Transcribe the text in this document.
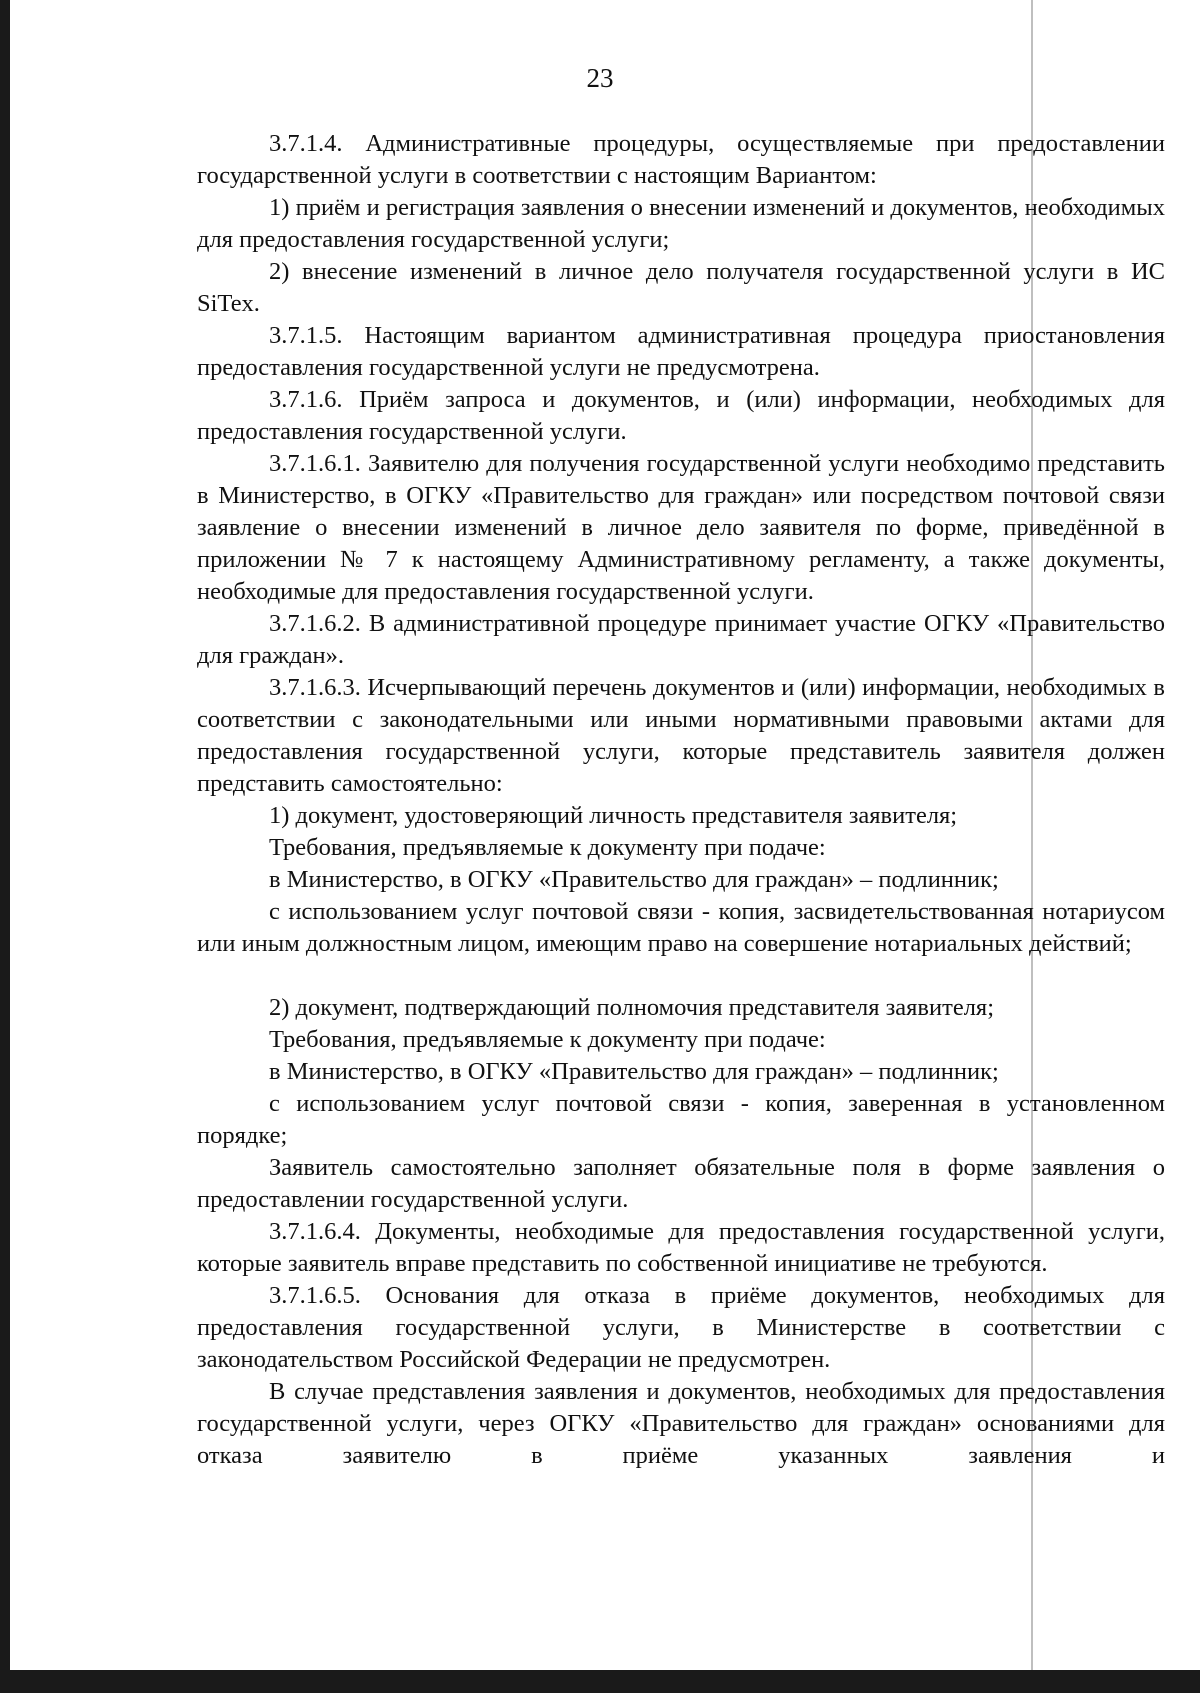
23

3.7.1.4. Административные процедуры, осуществляемые при предоставлении государственной услуги в соответствии с настоящим Вариантом:

1) приём и регистрация заявления о внесении изменений и документов, необходимых для предоставления государственной услуги;

2) внесение изменений в личное дело получателя государственной услуги в ИС SiTex.

3.7.1.5. Настоящим вариантом административная процедура приостановления предоставления государственной услуги не предусмотрена.

3.7.1.6. Приём запроса и документов, и (или) информации, необходимых для предоставления государственной услуги.

3.7.1.6.1. Заявителю для получения государственной услуги необходимо представить в Министерство, в ОГКУ «Правительство для граждан» или посредством почтовой связи заявление о внесении изменений в личное дело заявителя по форме, приведённой в приложении № 7 к настоящему Административному регламенту, а также документы, необходимые для предоставления государственной услуги.

3.7.1.6.2. В административной процедуре принимает участие ОГКУ «Правительство для граждан».

3.7.1.6.3. Исчерпывающий перечень документов и (или) информации, необходимых в соответствии с законодательными или иными нормативными правовыми актами для предоставления государственной услуги, которые представитель заявителя должен представить самостоятельно:

1) документ, удостоверяющий личность представителя заявителя;

Требования, предъявляемые к документу при подаче:

в Министерство, в ОГКУ «Правительство для граждан» – подлинник;

с использованием услуг почтовой связи - копия, засвидетельствованная нотариусом или иным должностным лицом, имеющим право на совершение нотариальных действий;

2) документ, подтверждающий полномочия представителя заявителя;

Требования, предъявляемые к документу при подаче:

в Министерство, в ОГКУ «Правительство для граждан» – подлинник;

с использованием услуг почтовой связи - копия, заверенная в установленном порядке;

Заявитель самостоятельно заполняет обязательные поля в форме заявления о предоставлении государственной услуги.

3.7.1.6.4. Документы, необходимые для предоставления государственной услуги, которые заявитель вправе представить по собственной инициативе не требуются.

3.7.1.6.5. Основания для отказа в приёме документов, необходимых для предоставления государственной услуги, в Министерстве в соответствии с законодательством Российской Федерации не предусмотрен.

В случае представления заявления и документов, необходимых для предоставления государственной услуги, через ОГКУ «Правительство для граждан» основаниями для отказа заявителю в приёме указанных заявления и
